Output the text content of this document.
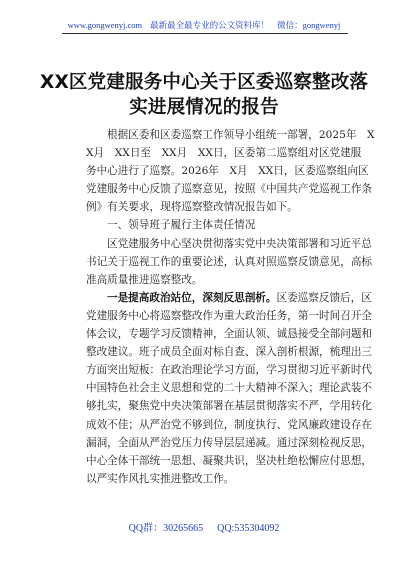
www.gongwenyj.com 最新最全最专业的公文资料库！ 微信：gongwenyj
XX区党建服务中心关于区委巡察整改落
实进展情况的报告
根据区委和区委巡察工作领导小组统一部署，2025年　X
X月　XX日至　XX月　XX日，区委第二巡察组对区党建服
务中心进行了巡察。2026年　X月　XX日，区委巡察组向区
党建服务中心反馈了巡察意见，按照《中国共产党巡视工作条
例》有关要求，现将巡察整改情况报告如下。
一、领导班子履行主体责任情况
区党建服务中心坚决贯彻落实党中央决策部署和习近平总
书记关于巡视工作的重要论述，认真对照巡察反馈意见，高标
准高质量推进巡察整改。
一是提高政治站位，深刻反思剖析。区委巡察反馈后，区
党建服务中心将巡察整改作为重大政治任务，第一时间召开全
体会议，专题学习反馈精神，全面认领、诚恳接受全部问题和
整改建议。班子成员全面对标自查、深入剖析根源，梳理出三
方面突出短板：在政治理论学习方面，学习贯彻习近平新时代
中国特色社会主义思想和党的二十大精神不深入；理论武装不
够扎实，聚焦党中央决策部署在基层贯彻落实不严，学用转化
成效不佳；从严治党不够到位，制度执行、党风廉政建设存在
漏洞，全面从严治党压力传导层层递减。通过深刻检视反思，
中心全体干部统一思想、凝聚共识，坚决杜绝松懈应付思想，
以严实作风扎实推进整改工作。
QQ群：30265665 QQ:535304092
